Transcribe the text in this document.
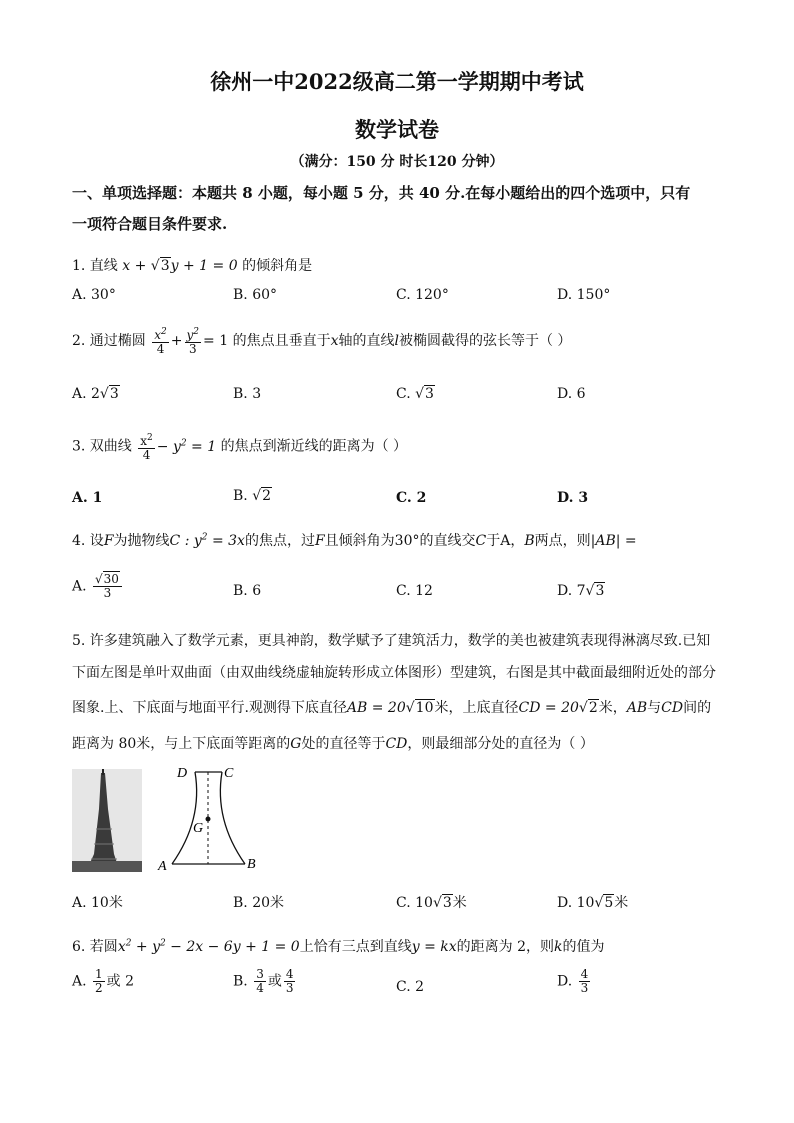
徐州一中2022级高二第一学期期中考试
数学试卷
（满分：150 分 时长120 分钟）
一、单项选择题：本题共 8 小题，每小题 5 分，共 40 分.在每小题给出的四个选项中，只有
一项符合题目条件要求.
1. 直线 x + √3y + 1 = 0 的倾斜角是
A. 30°	B. 60°	C. 120°	D. 150°
2. 通过椭圆 $\frac{x^2}{4} + \frac{y^2}{3} = 1$ 的焦点且垂直于x轴的直线l被椭圆截得的弦长等于（ ）
A. 2√3	B. 3	C. √3	D. 6
3. 双曲线 $\frac{x^2}{4} - y^2 = 1$ 的焦点到渐近线的距离为（ ）
A. 1	B. √2	C. 2	D. 3
4. 设F为抛物线C : $y^2 = 3x$的焦点，过F且倾斜角为30°的直线交C于A，B两点，则|AB| =
A. $\frac{√30}{3}$	B. 6	C. 12	D. 7√3
5. 许多建筑融入了数学元素，更具神韵，数学赋予了建筑活力，数学的美也被建筑表现得淋漓尽致.已知
下面左图是单叶双曲面（由双曲线绕虚轴旋转形成立体图形）型建筑，右图是其中截面最细附近处的部分
图象.上、下底面与地面平行.观测得下底直径AB = 20√10米，上底直径CD = 20√2米，AB与CD间的
距离为 80米，与上下底面等距离的G处的直径等于CD，则最细部分处的直径为（ ）
D	C
G
A	B
A. 10米	B. 20米	C. 10√3米	D. 10√5米
6. 若圆$x^2 + y^2 - 2x - 6y + 1 = 0$上恰有三点到直线y = kx的距离为 2，则k的值为
A. $\frac{1}{2}$ 或 2	B. $\frac{3}{4}$ 或 $\frac{4}{3}$	C. 2	D. $\frac{4}{3}$
